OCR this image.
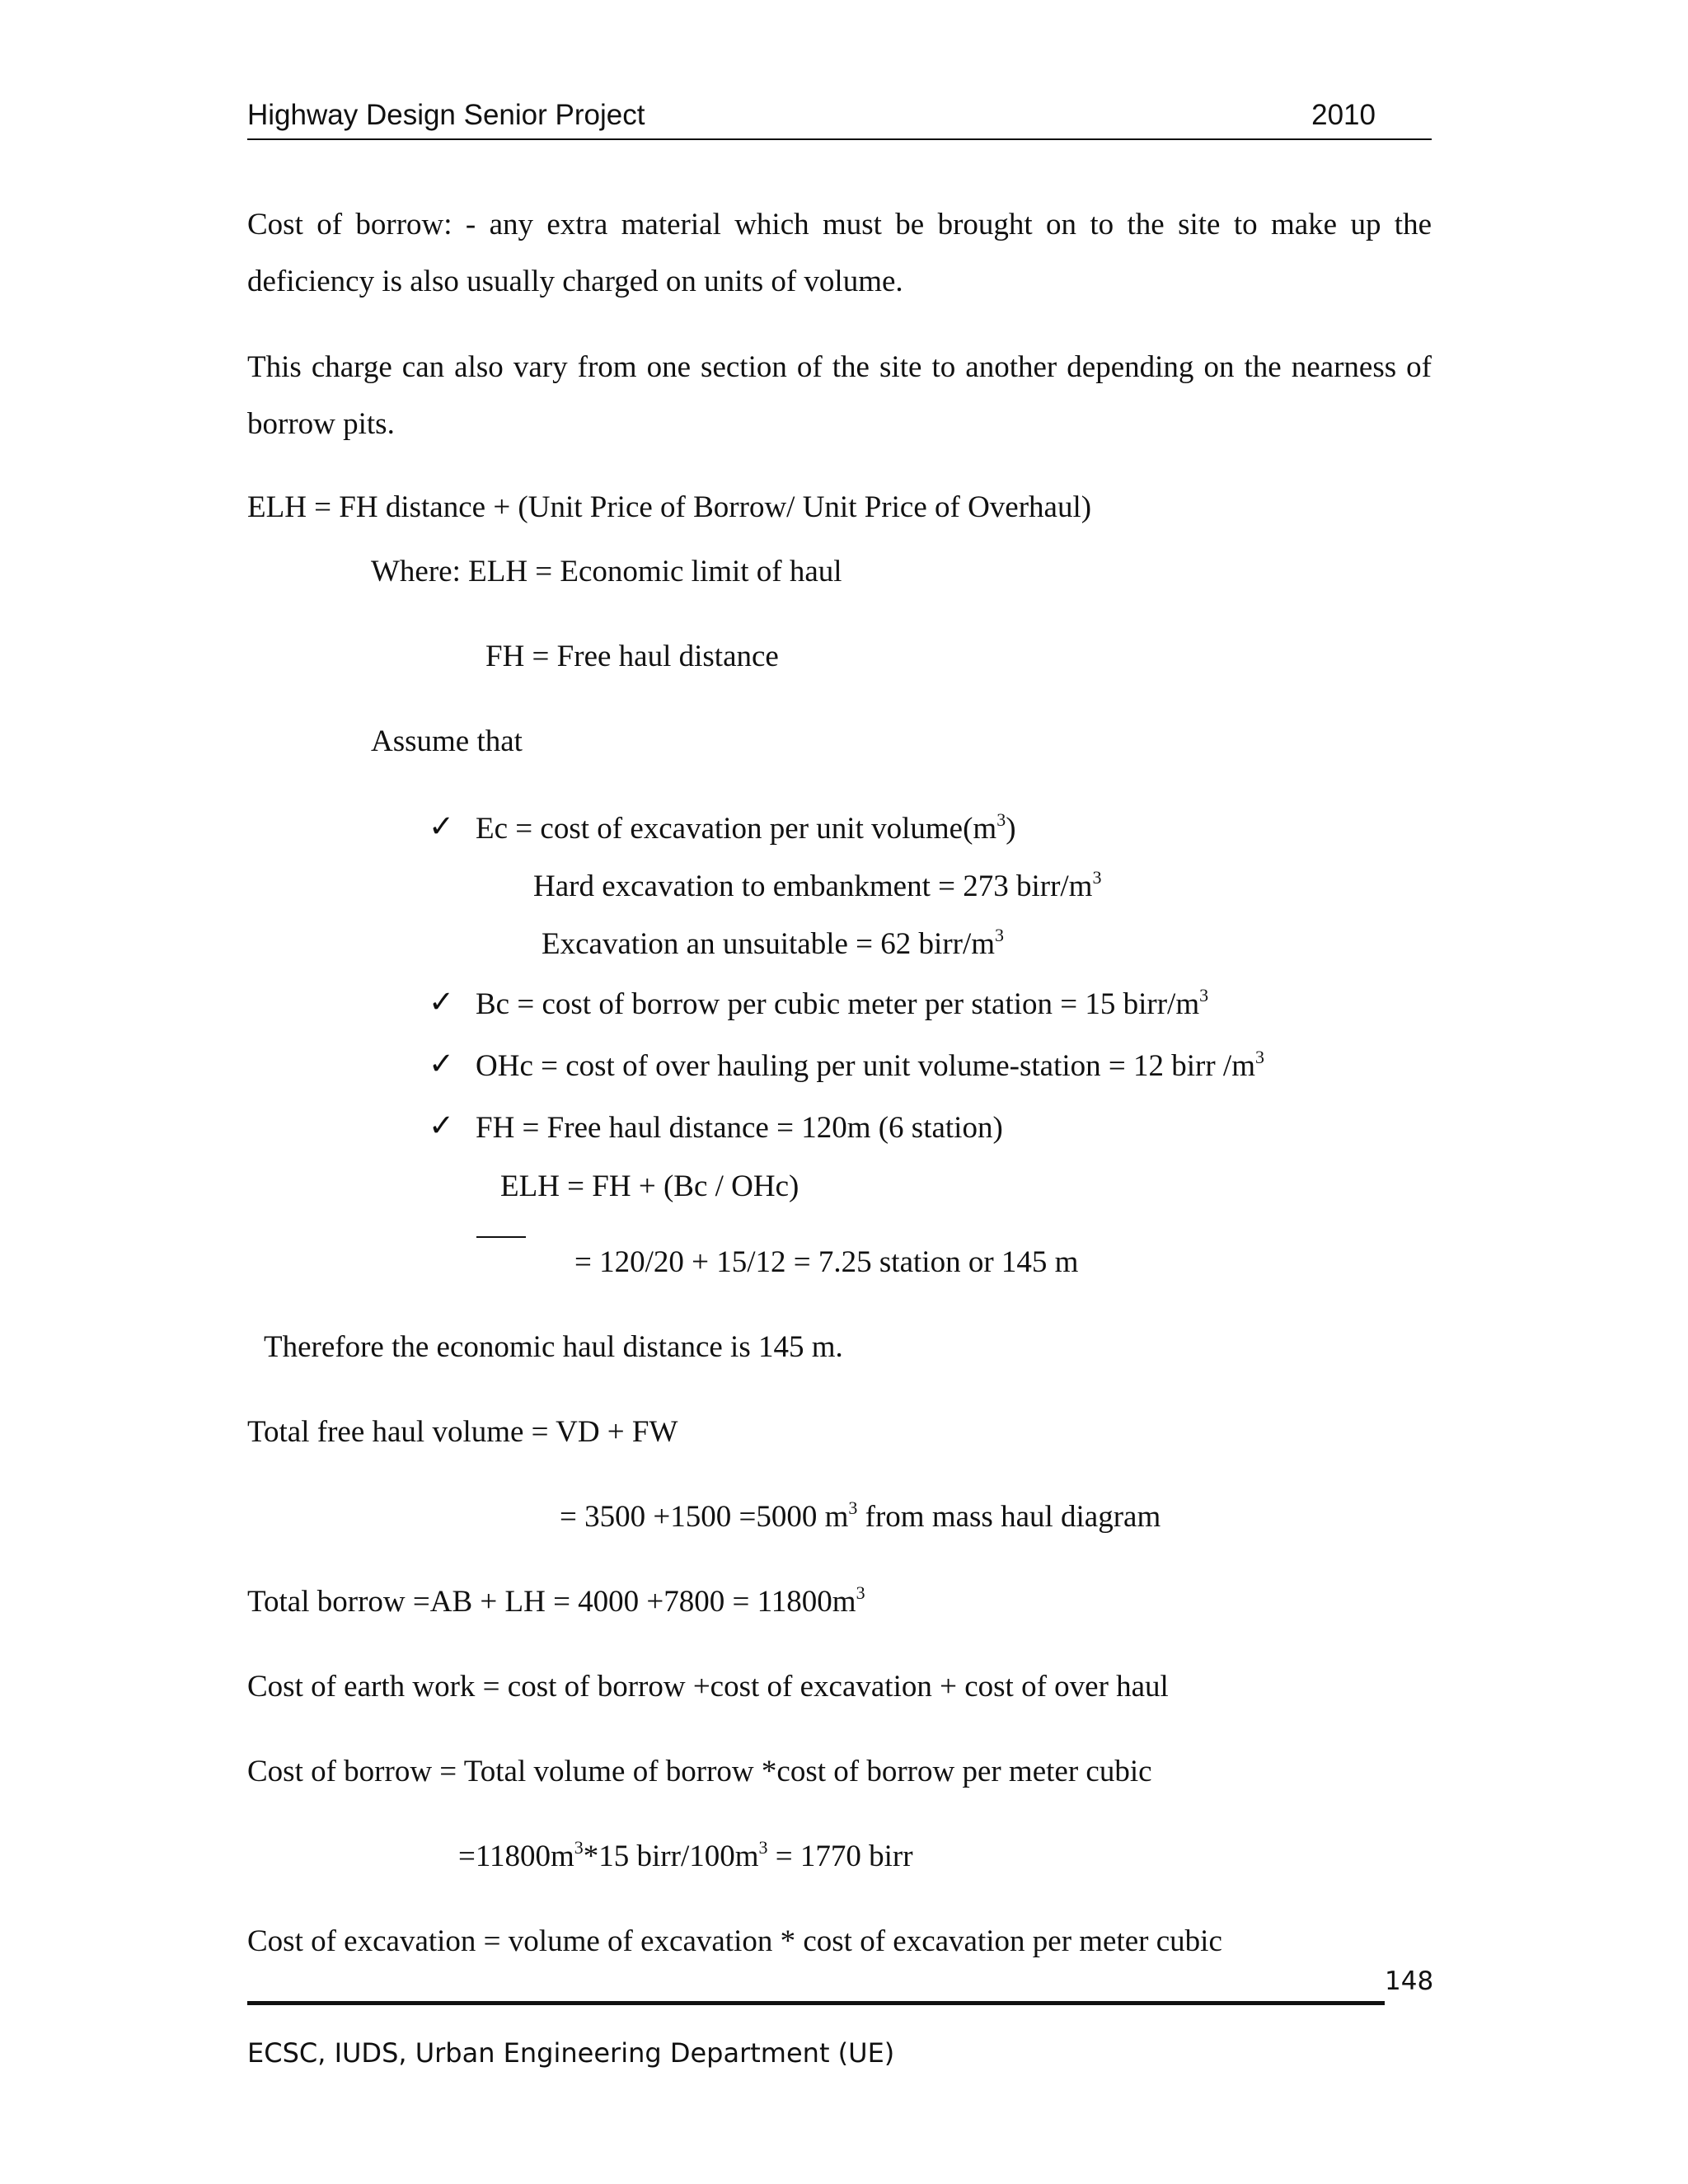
Highway Design Senior Project	2010
Cost of borrow: - any extra material which must be brought on to the site to make up the deficiency is also usually charged on units of volume.
This charge can also vary from one section of the site to another depending on the nearness of borrow pits.
ELH = FH distance + (Unit Price of Borrow/ Unit Price of Overhaul)
Where: ELH = Economic limit of haul
FH = Free haul distance
Assume that
✓ Ec = cost of excavation per unit $volume(m^3)$
Hard excavation to embankment = 273 birr/$m^3$
Excavation an unsuitable = 62 birr/$m^3$
✓ Bc = cost of borrow per cubic meter per station = 15 birr/$m^3$
✓ OHc = cost of over hauling per unit volume-station = 12 birr $/m^3$
✓ FH = Free haul distance = 120m (6 station)
ELH = FH + (Bc / OHc)
= 120/20 + 15/12 = 7.25 station or 145 m
Therefore the economic haul distance is 145 m.
Total free haul volume = VD + FW
= 3500 +1500 =5000 $m^3$ from mass haul diagram
Total borrow =AB + LH = $4000 +7800 = 11800m^3$
Cost of earth work = cost of borrow +cost of excavation + cost of over haul
Cost of borrow = Total volume of borrow *cost of borrow per meter cubic
$=11800m^3*15$ birr/$100m^3 = 1770$ birr
Cost of excavation = volume of excavation * cost of excavation per meter cubic
148
ECSC, IUDS, Urban Engineering Department (UE)
